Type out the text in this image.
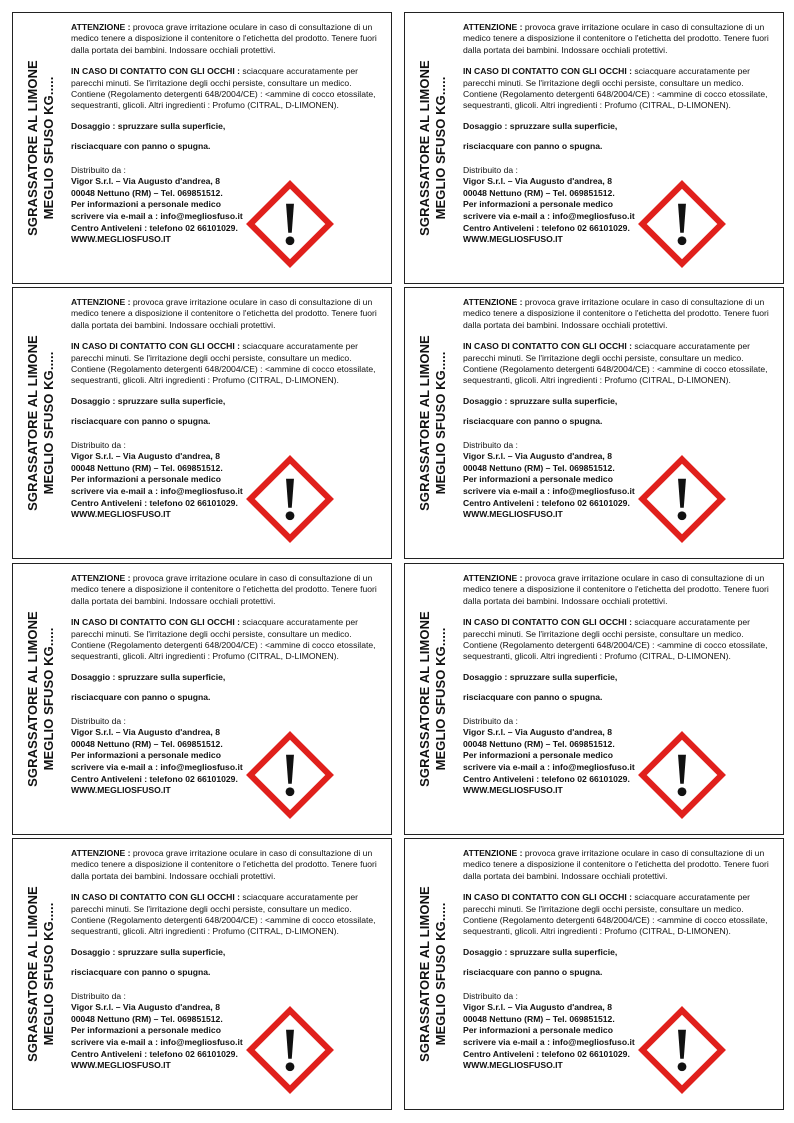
SGRASSATORE AL LIMONE MEGLIO SFUSO KG.....

ATTENZIONE : provoca grave irritazione oculare in caso di consultazione di un medico tenere a disposizione il contenitore o l'etichetta del prodotto. Tenere fuori dalla portata dei bambini. Indossare occhiali protettivi.

IN CASO DI CONTATTO CON GLI OCCHI : sciacquare accuratamente per parecchi minuti. Se l'irritazione degli occhi persiste, consultare un medico. Contiene (Regolamento detergenti 648/2004/CE) : <ammine di cocco etossilate, sequestranti, glicoli. Altri ingredienti : Profumo (CITRAL, D-LIMONEN).

Dosaggio : spruzzare sulla superficie,

risciacquare con panno o spugna.

Distribuito da :

Vigor S.r.l. – Via Augusto d'andrea, 8

00048 Nettuno (RM) – Tel. 069851512.

Per informazioni a personale medico

scrivere via e-mail a : info@megliosfuso.it

Centro Antiveleni : telefono 02 66101029.

WWW.MEGLIOSFUSO.IT

SGRASSATORE AL LIMONE MEGLIO SFUSO KG.....

ATTENZIONE : provoca grave irritazione oculare in caso di consultazione di un medico tenere a disposizione il contenitore o l'etichetta del prodotto. Tenere fuori dalla portata dei bambini. Indossare occhiali protettivi.

IN CASO DI CONTATTO CON GLI OCCHI : sciacquare accuratamente per parecchi minuti. Se l'irritazione degli occhi persiste, consultare un medico. Contiene (Regolamento detergenti 648/2004/CE) : <ammine di cocco etossilate, sequestranti, glicoli. Altri ingredienti : Profumo (CITRAL, D-LIMONEN).

Dosaggio : spruzzare sulla superficie,

risciacquare con panno o spugna.

Distribuito da :

Vigor S.r.l. – Via Augusto d'andrea, 8

00048 Nettuno (RM) – Tel. 069851512.

Per informazioni a personale medico

scrivere via e-mail a : info@megliosfuso.it

Centro Antiveleni : telefono 02 66101029.

WWW.MEGLIOSFUSO.IT

SGRASSATORE AL LIMONE MEGLIO SFUSO KG.....

ATTENZIONE : provoca grave irritazione oculare in caso di consultazione di un medico tenere a disposizione il contenitore o l'etichetta del prodotto. Tenere fuori dalla portata dei bambini. Indossare occhiali protettivi.

IN CASO DI CONTATTO CON GLI OCCHI : sciacquare accuratamente per parecchi minuti. Se l'irritazione degli occhi persiste, consultare un medico. Contiene (Regolamento detergenti 648/2004/CE) : <ammine di cocco etossilate, sequestranti, glicoli. Altri ingredienti : Profumo (CITRAL, D-LIMONEN).

Dosaggio : spruzzare sulla superficie,

risciacquare con panno o spugna.

Distribuito da :

Vigor S.r.l. – Via Augusto d'andrea, 8

00048 Nettuno (RM) – Tel. 069851512.

Per informazioni a personale medico

scrivere via e-mail a : info@megliosfuso.it

Centro Antiveleni : telefono 02 66101029.

WWW.MEGLIOSFUSO.IT

SGRASSATORE AL LIMONE MEGLIO SFUSO KG.....

ATTENZIONE : provoca grave irritazione oculare in caso di consultazione di un medico tenere a disposizione il contenitore o l'etichetta del prodotto. Tenere fuori dalla portata dei bambini. Indossare occhiali protettivi.

IN CASO DI CONTATTO CON GLI OCCHI : sciacquare accuratamente per parecchi minuti. Se l'irritazione degli occhi persiste, consultare un medico. Contiene (Regolamento detergenti 648/2004/CE) : <ammine di cocco etossilate, sequestranti, glicoli. Altri ingredienti : Profumo (CITRAL, D-LIMONEN).

Dosaggio : spruzzare sulla superficie,

risciacquare con panno o spugna.

Distribuito da :

Vigor S.r.l. – Via Augusto d'andrea, 8

00048 Nettuno (RM) – Tel. 069851512.

Per informazioni a personale medico

scrivere via e-mail a : info@megliosfuso.it

Centro Antiveleni : telefono 02 66101029.

WWW.MEGLIOSFUSO.IT

SGRASSATORE AL LIMONE MEGLIO SFUSO KG.....

ATTENZIONE : provoca grave irritazione oculare in caso di consultazione di un medico tenere a disposizione il contenitore o l'etichetta del prodotto. Tenere fuori dalla portata dei bambini. Indossare occhiali protettivi.

IN CASO DI CONTATTO CON GLI OCCHI : sciacquare accuratamente per parecchi minuti. Se l'irritazione degli occhi persiste, consultare un medico. Contiene (Regolamento detergenti 648/2004/CE) : <ammine di cocco etossilate, sequestranti, glicoli. Altri ingredienti : Profumo (CITRAL, D-LIMONEN).

Dosaggio : spruzzare sulla superficie,

risciacquare con panno o spugna.

Distribuito da :

Vigor S.r.l. – Via Augusto d'andrea, 8

00048 Nettuno (RM) – Tel. 069851512.

Per informazioni a personale medico

scrivere via e-mail a : info@megliosfuso.it

Centro Antiveleni : telefono 02 66101029.

WWW.MEGLIOSFUSO.IT

SGRASSATORE AL LIMONE MEGLIO SFUSO KG.....

ATTENZIONE : provoca grave irritazione oculare in caso di consultazione di un medico tenere a disposizione il contenitore o l'etichetta del prodotto. Tenere fuori dalla portata dei bambini. Indossare occhiali protettivi.

IN CASO DI CONTATTO CON GLI OCCHI : sciacquare accuratamente per parecchi minuti. Se l'irritazione degli occhi persiste, consultare un medico. Contiene (Regolamento detergenti 648/2004/CE) : <ammine di cocco etossilate, sequestranti, glicoli. Altri ingredienti : Profumo (CITRAL, D-LIMONEN).

Dosaggio : spruzzare sulla superficie,

risciacquare con panno o spugna.

Distribuito da :

Vigor S.r.l. – Via Augusto d'andrea, 8

00048 Nettuno (RM) – Tel. 069851512.

Per informazioni a personale medico

scrivere via e-mail a : info@megliosfuso.it

Centro Antiveleni : telefono 02 66101029.

WWW.MEGLIOSFUSO.IT

SGRASSATORE AL LIMONE MEGLIO SFUSO KG.....

ATTENZIONE : provoca grave irritazione oculare in caso di consultazione di un medico tenere a disposizione il contenitore o l'etichetta del prodotto. Tenere fuori dalla portata dei bambini. Indossare occhiali protettivi.

IN CASO DI CONTATTO CON GLI OCCHI : sciacquare accuratamente per parecchi minuti. Se l'irritazione degli occhi persiste, consultare un medico. Contiene (Regolamento detergenti 648/2004/CE) : <ammine di cocco etossilate, sequestranti, glicoli. Altri ingredienti : Profumo (CITRAL, D-LIMONEN).

Dosaggio : spruzzare sulla superficie,

risciacquare con panno o spugna.

Distribuito da :

Vigor S.r.l. – Via Augusto d'andrea, 8

00048 Nettuno (RM) – Tel. 069851512.

Per informazioni a personale medico

scrivere via e-mail a : info@megliosfuso.it

Centro Antiveleni : telefono 02 66101029.

WWW.MEGLIOSFUSO.IT

SGRASSATORE AL LIMONE MEGLIO SFUSO KG.....

ATTENZIONE : provoca grave irritazione oculare in caso di consultazione di un medico tenere a disposizione il contenitore o l'etichetta del prodotto. Tenere fuori dalla portata dei bambini. Indossare occhiali protettivi.

IN CASO DI CONTATTO CON GLI OCCHI : sciacquare accuratamente per parecchi minuti. Se l'irritazione degli occhi persiste, consultare un medico. Contiene (Regolamento detergenti 648/2004/CE) : <ammine di cocco etossilate, sequestranti, glicoli. Altri ingredienti : Profumo (CITRAL, D-LIMONEN).

Dosaggio : spruzzare sulla superficie,

risciacquare con panno o spugna.

Distribuito da :

Vigor S.r.l. – Via Augusto d'andrea, 8

00048 Nettuno (RM) – Tel. 069851512.

Per informazioni a personale medico

scrivere via e-mail a : info@megliosfuso.it

Centro Antiveleni : telefono 02 66101029.

WWW.MEGLIOSFUSO.IT
